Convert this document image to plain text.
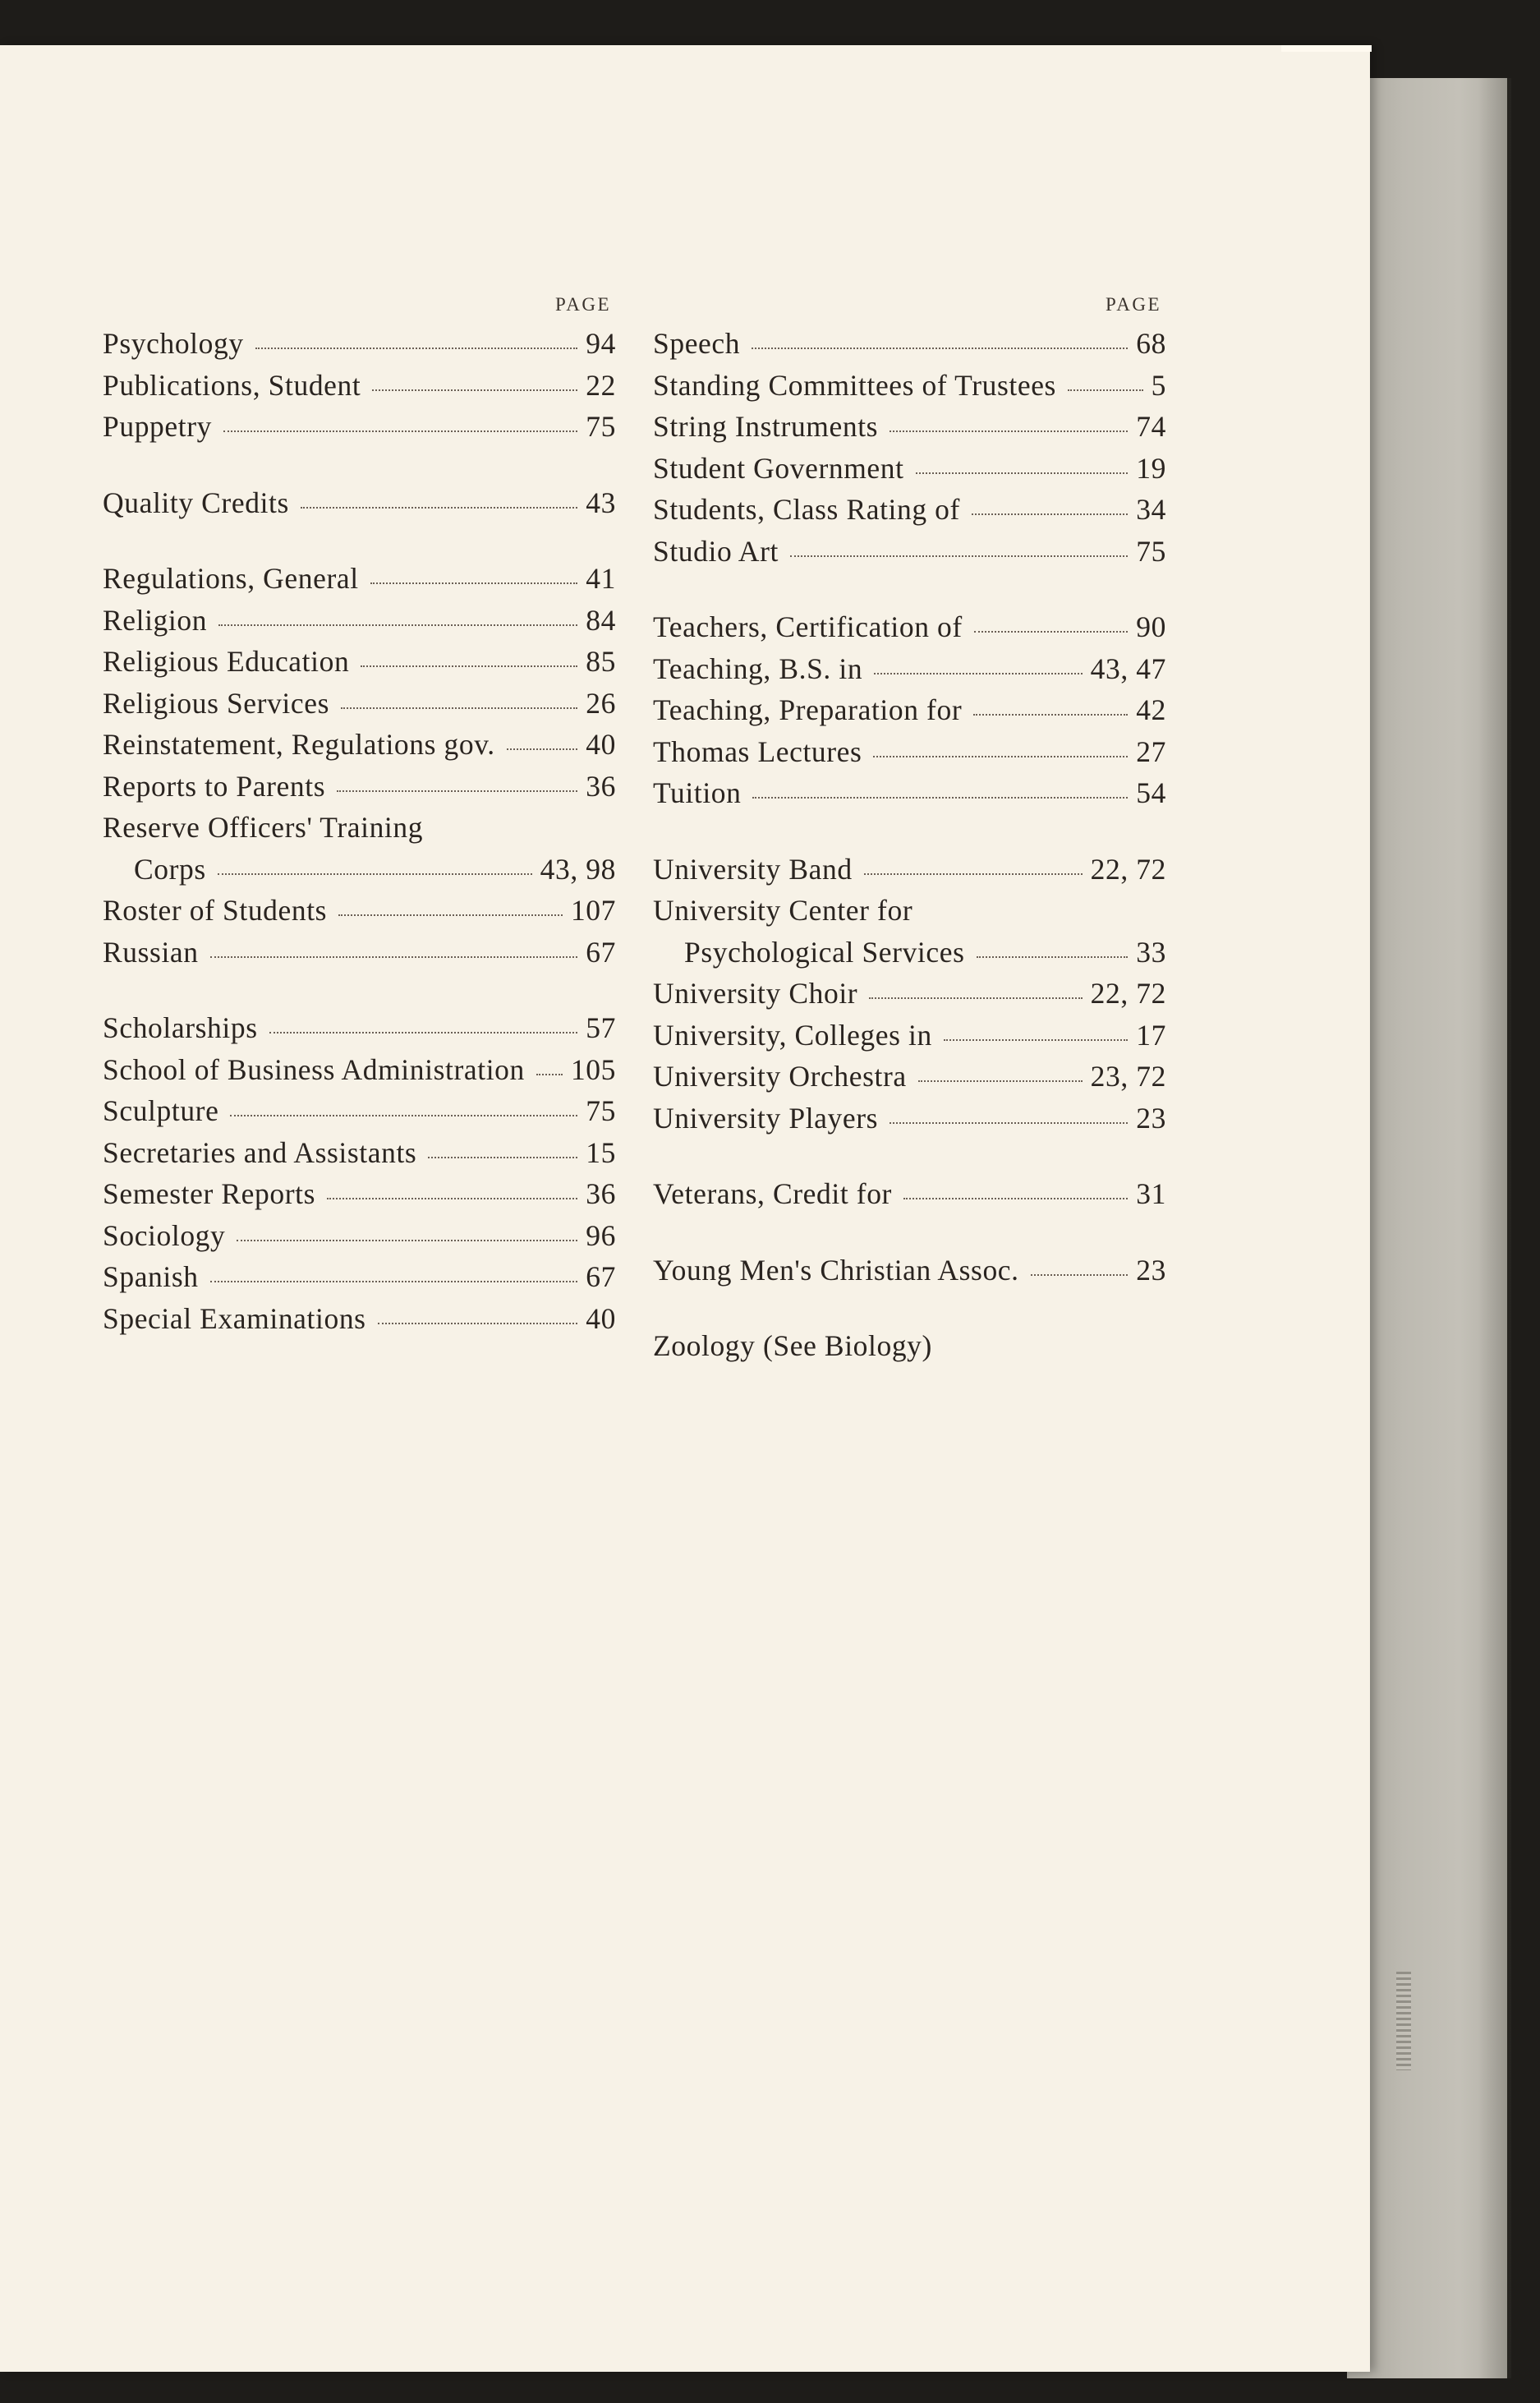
PAGE
Psychology	94
Publications, Student	22
Puppetry	75
Quality Credits	43
Regulations, General	41
Religion	84
Religious Education	85
Religious Services	26
Reinstatement, Regulations gov.	40
Reports to Parents	36
Reserve Officers' Training
Corps	43, 98
Roster of Students	107
Russian	67
Scholarships	57
School of Business Administration 105
Sculpture	75
Secretaries and Assistants	15
Semester Reports	36
Sociology	96
Spanish	67
Special Examinations	40
PAGE
Speech	68
Standing Committees of Trustees	5
String Instruments	74
Student Government	19
Students, Class Rating of	34
Studio Art	75
Teachers, Certification of	90
Teaching, B.S. in	43, 47
Teaching, Preparation for	42
Thomas Lectures	27
Tuition	54
University Band	22, 72
University Center for
Psychological Services	33
University Choir	22, 72
University, Colleges in	17
University Orchestra	23, 72
University Players	23
Veterans, Credit for	31
Young Men's Christian Assoc.	23
Zoology (See Biology)
